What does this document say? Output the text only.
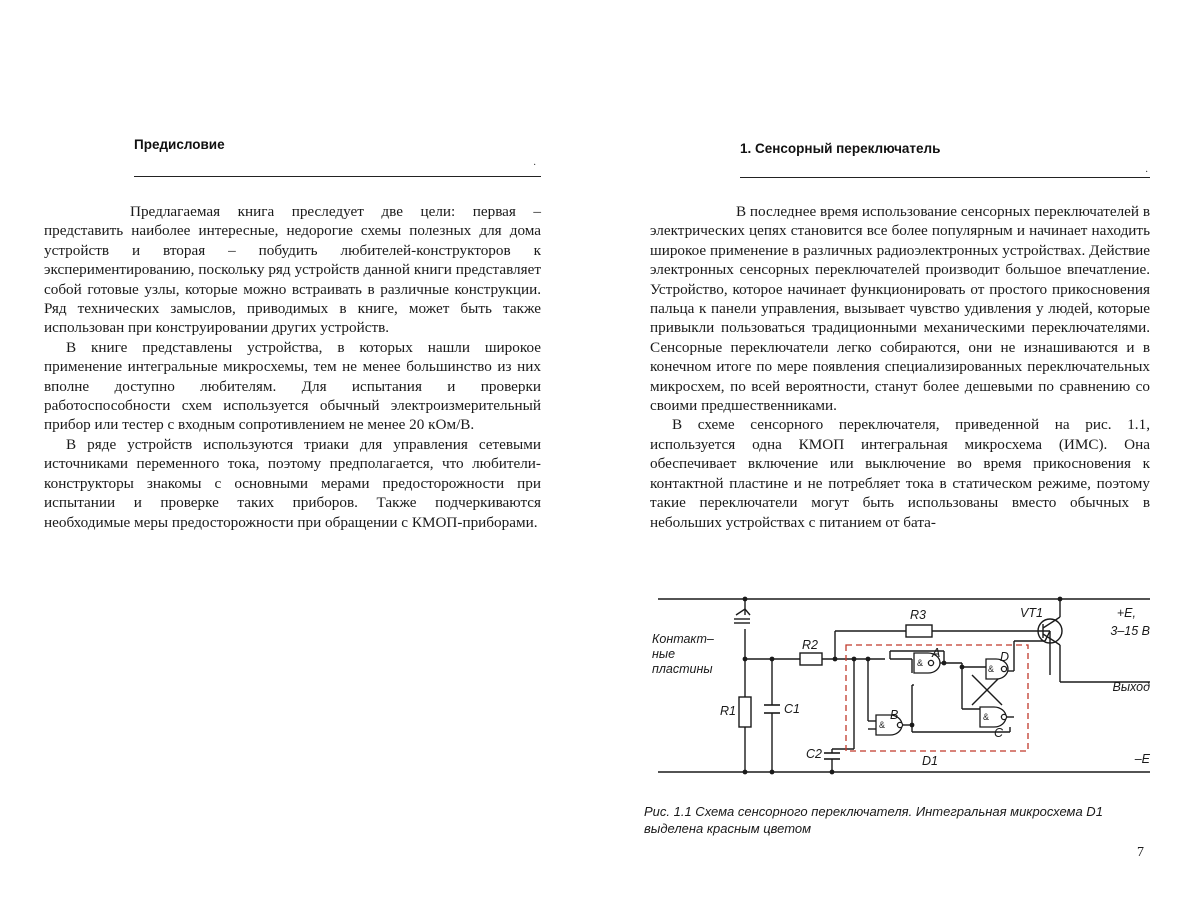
Предисловие
·

Предлагаемая книга преследует две цели: первая – представить наиболее интересные, недорогие схемы полезных для дома устройств и вторая – побудить любителей-конструкторов к экспериментированию, поскольку ряд устройств данной книги представляет собой готовые узлы, которые можно встраивать в различные конструкции. Ряд технических замыслов, приводимых в книге, может быть также использован при конструировании других устройств.

В книге представлены устройства, в которых нашли широкое применение интегральные микросхемы, тем не менее большинство из них вполне доступно любителям. Для испытания и проверки работоспособности схем используется обычный электроизмерительный прибор или тестер с входным сопротивлением не менее 20 кОм/В.

В ряде устройств используются триаки для управления сетевыми источниками переменного тока, поэтому предполагается, что любители-конструкторы знакомы с основными мерами предосторожности при испытании и проверке таких приборов. Также подчеркиваются необходимые меры предосторожности при обращении с КМОП-приборами.

1. Сенсорный переключатель
·

В последнее время использование сенсорных переключателей в электрических цепях становится все более популярным и начинает находить широкое применение в различных радиоэлектронных устройствах. Действие электронных сенсорных переключателей производит большое впечатление. Устройство, которое начинает функционировать от простого прикосновения пальца к панели управления, вызывает чувство удивления у людей, которые привыкли пользоваться традиционными механическими переключателями. Сенсорные переключатели легко собираются, они не изнашиваются и в конечном итоге по мере появления специализированных переключательных микросхем, по всей вероятности, станут более дешевыми по сравнению со своими предшественниками.

В схеме сенсорного переключателя, приведенной на рис. 1.1, используется одна КМОП интегральная микросхема (ИМС). Она обеспечивает включение или выключение во время прикосновения к контактной пластине и не потребляет тока в статическом режиме, поэтому такие переключатели могут быть использованы вместо обычных в небольших устройствах с питанием от бата-

&
&
&
&
Контакт–
ные
пластины
R1
R2
R3
C1
C2
VT1	+E,
3–15 В
Выход
–E
D1
A
B
C
D
Рис. 1.1 Схема сенсорного переключателя. Интегральная микросхема D1 выделена красным цветом
7
